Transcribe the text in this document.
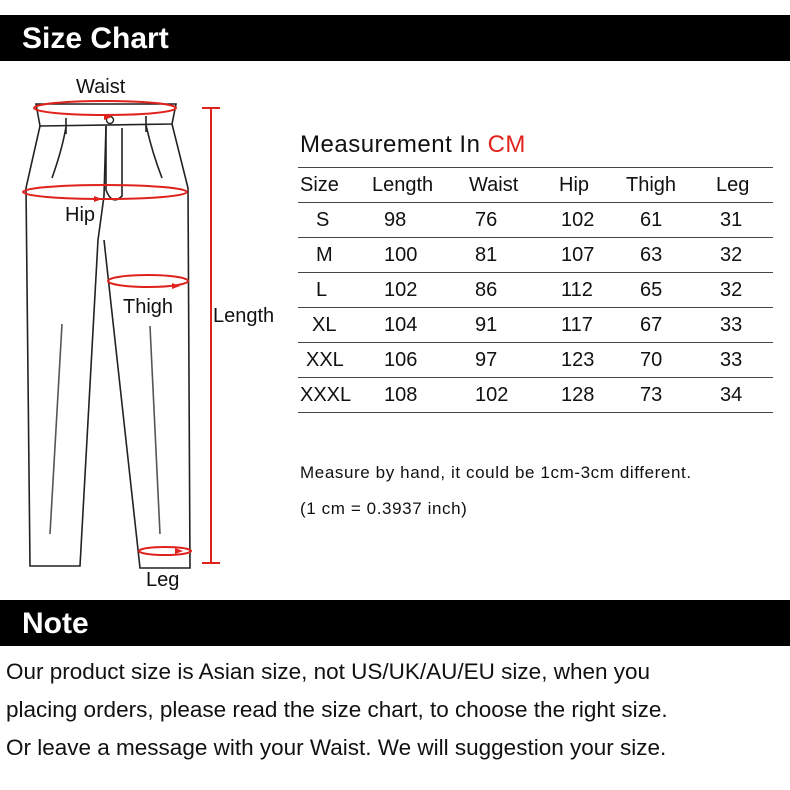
Size Chart
Waist
Hip
Thigh Length
Leg
Measurement In CM
Size	Length	Waist	Hip	Thigh	Leg
S	98	76	102	61	31
M	100	81	107	63	32
L	102	86	112	65	32
XL	104	91	117	67	33
XXL	106	97	123	70	33
XXXL	108	102	128	73	34
Measure by hand, it could be 1cm-3cm different.
(1 cm = 0.3937 inch)
Note
Our product size is Asian size, not US/UK/AU/EU size, when you
placing orders, please read the size chart, to choose the right size.
Or leave a message with your Waist. We will suggestion your size.
